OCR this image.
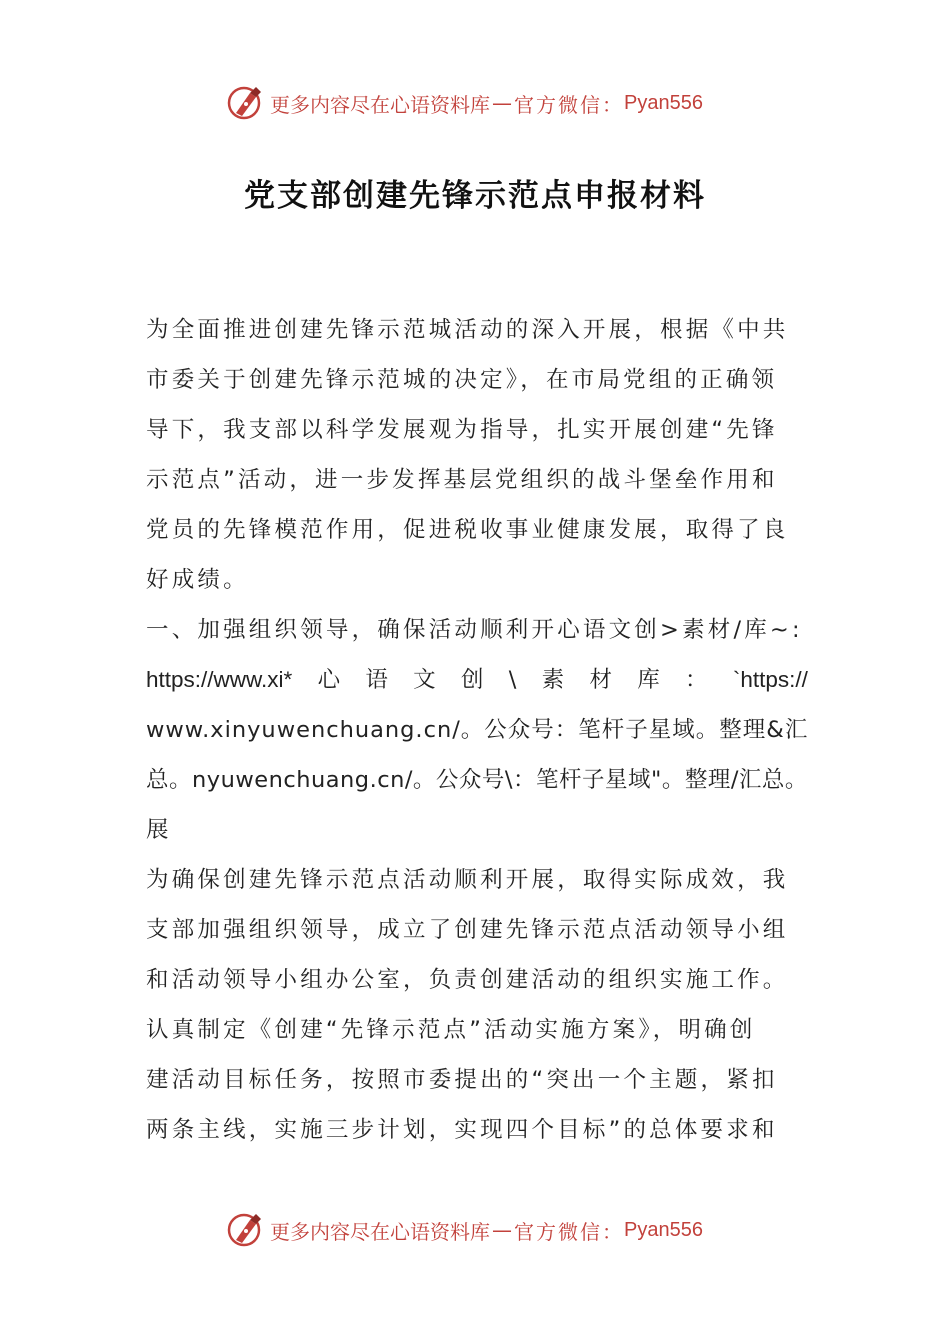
更多内容尽在心语资料库 — 官方微信： Pyan556
党支部创建先锋示范点申报材料
为全面推进创建先锋示范城活动的深入开展，根据《中共
市委关于创建先锋示范城的决定》，在市局党组的正确领
导下，我支部以科学发展观为指导，扎实开展创建“先锋
示范点”活动，进一步发挥基层党组织的战斗堡垒作用和
党员的先锋模范作用，促进税收事业健康发展，取得了良
好成绩。
一、加强组织领导，确保活动顺利开心语文创>素材/库~:
https://www.xi* 心 语 文 创 \ 素 材 库 ： `https://
www.xinyuwenchuang.cn/。公众号：笔杆子星域。整理&汇
总。nyuwenchuang.cn/。公众号\：笔杆子星域"。整理/汇总。
展
为确保创建先锋示范点活动顺利开展，取得实际成效，我
支部加强组织领导，成立了创建先锋示范点活动领导小组
和活动领导小组办公室，负责创建活动的组织实施工作。
认真制定《创建“先锋示范点”活动实施方案》，明确创
建活动目标任务，按照市委提出的“突出一个主题，紧扣
两条主线，实施三步计划，实现四个目标”的总体要求和
更多内容尽在心语资料库 — 官方微信： Pyan556
